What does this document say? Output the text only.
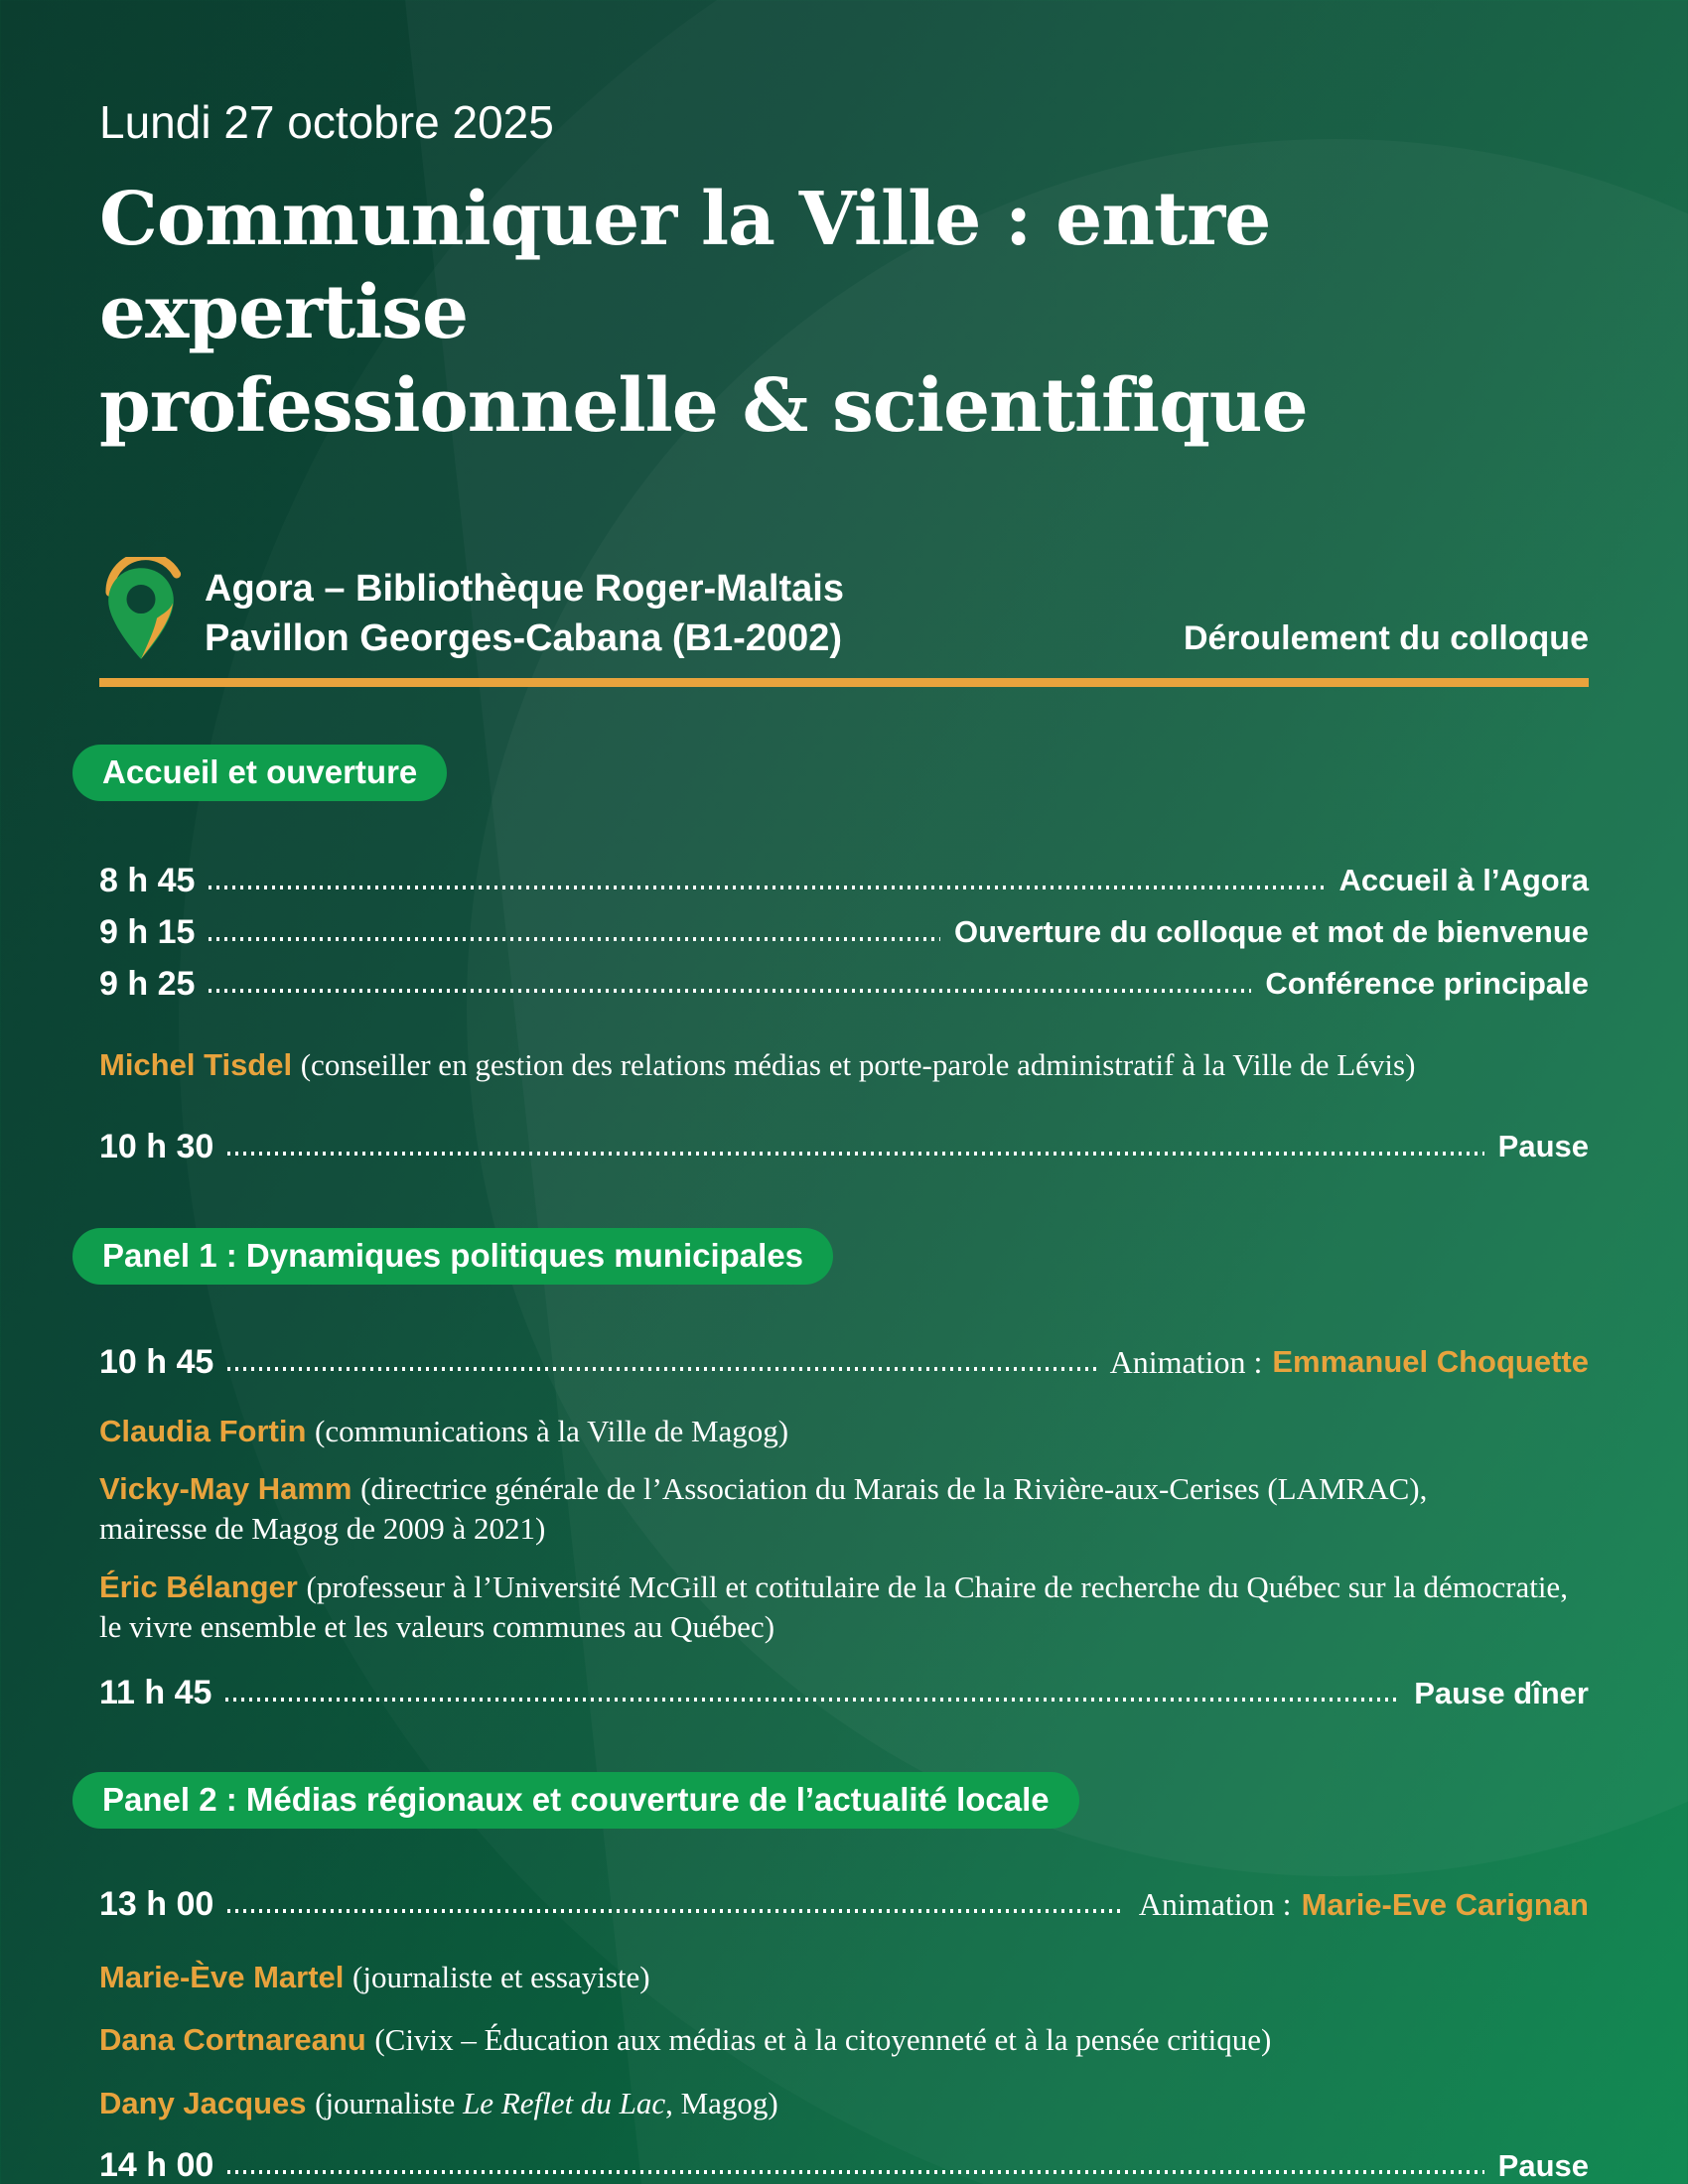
Lundi 27 octobre 2025
Communiquer la Ville : entre expertise
professionnelle & scientifique
Agora – Bibliothèque Roger-Maltais
Pavillon Georges-Cabana (B1-2002)	Déroulement du colloque
Accueil et ouverture
8 h 45	Accueil à l’Agora
9 h 15	Ouverture du colloque et mot de bienvenue
9 h 25	Conférence principale
Michel Tisdel (conseiller en gestion des relations médias et porte-parole administratif à la Ville de Lévis)
10 h 30	Pause
Panel 1 : Dynamiques politiques municipales
10 h 45	Animation : Emmanuel Choquette
Claudia Fortin (communications à la Ville de Magog)
Vicky-May Hamm (directrice générale de l’Association du Marais de la Rivière-aux-Cerises (LAMRAC),
mairesse de Magog de 2009 à 2021)
Éric Bélanger (professeur à l’Université McGill et cotitulaire de la Chaire de recherche du Québec sur la démocratie,
le vivre ensemble et les valeurs communes au Québec)
11 h 45	Pause dîner
Panel 2 : Médias régionaux et couverture de l’actualité locale
13 h 00	Animation : Marie-Eve Carignan
Marie-Ève Martel (journaliste et essayiste)
Dana Cortnareanu (Civix – Éducation aux médias et à la citoyenneté et à la pensée critique)
Dany Jacques (journaliste Le Reflet du Lac, Magog)
14 h 00	Pause
